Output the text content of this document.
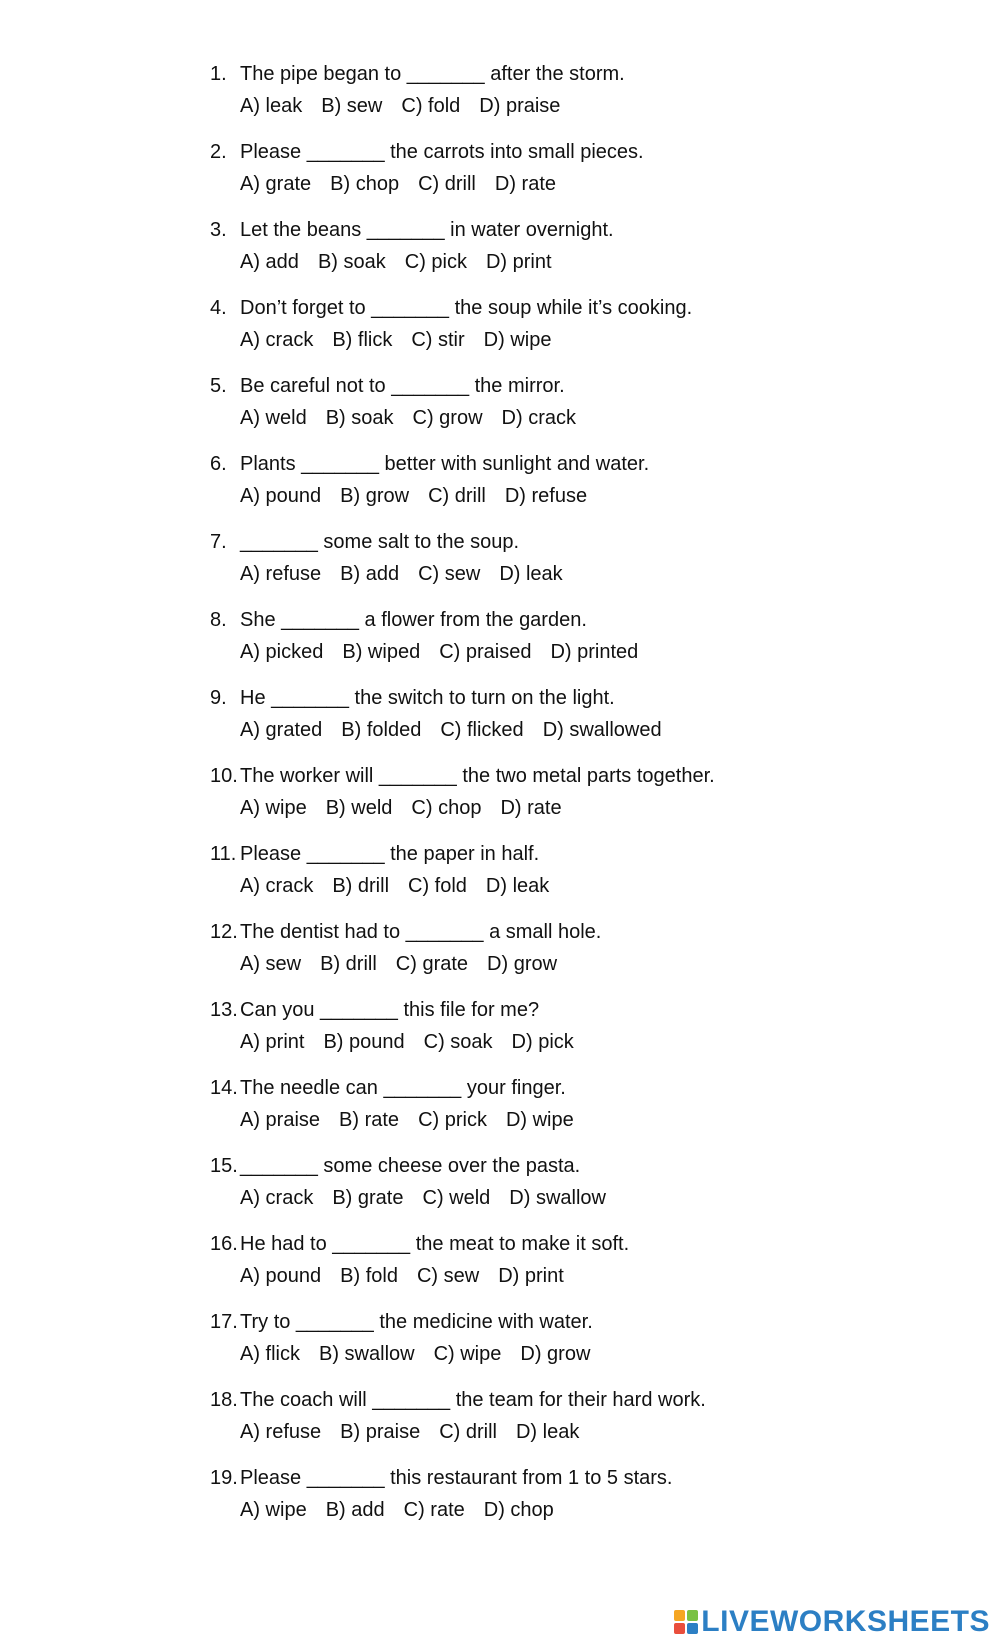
1. The pipe began to _______ after the storm.
A) leak B) sew C) fold D) praise
2. Please _______ the carrots into small pieces.
A) grate B) chop C) drill D) rate
3. Let the beans _______ in water overnight.
A) add B) soak C) pick D) print
4. Don’t forget to _______ the soup while it’s cooking.
A) crack B) flick C) stir D) wipe
5. Be careful not to _______ the mirror.
A) weld B) soak C) grow D) crack
6. Plants _______ better with sunlight and water.
A) pound B) grow C) drill D) refuse
7. _______ some salt to the soup.
A) refuse B) add C) sew D) leak
8. She _______ a flower from the garden.
A) picked B) wiped C) praised D) printed
9. He _______ the switch to turn on the light.
A) grated B) folded C) flicked D) swallowed
10. The worker will _______ the two metal parts together.
A) wipe B) weld C) chop D) rate
11. Please _______ the paper in half.
A) crack B) drill C) fold D) leak
12. The dentist had to _______ a small hole.
A) sew B) drill C) grate D) grow
13. Can you _______ this file for me?
A) print B) pound C) soak D) pick
14. The needle can _______ your finger.
A) praise B) rate C) prick D) wipe
15. _______ some cheese over the pasta.
A) crack B) grate C) weld D) swallow
16. He had to _______ the meat to make it soft.
A) pound B) fold C) sew D) print
17. Try to _______ the medicine with water.
A) flick B) swallow C) wipe D) grow
18. The coach will _______ the team for their hard work.
A) refuse B) praise C) drill D) leak
19. Please _______ this restaurant from 1 to 5 stars.
A) wipe B) add C) rate D) chop
LIVEWORKSHEETS
